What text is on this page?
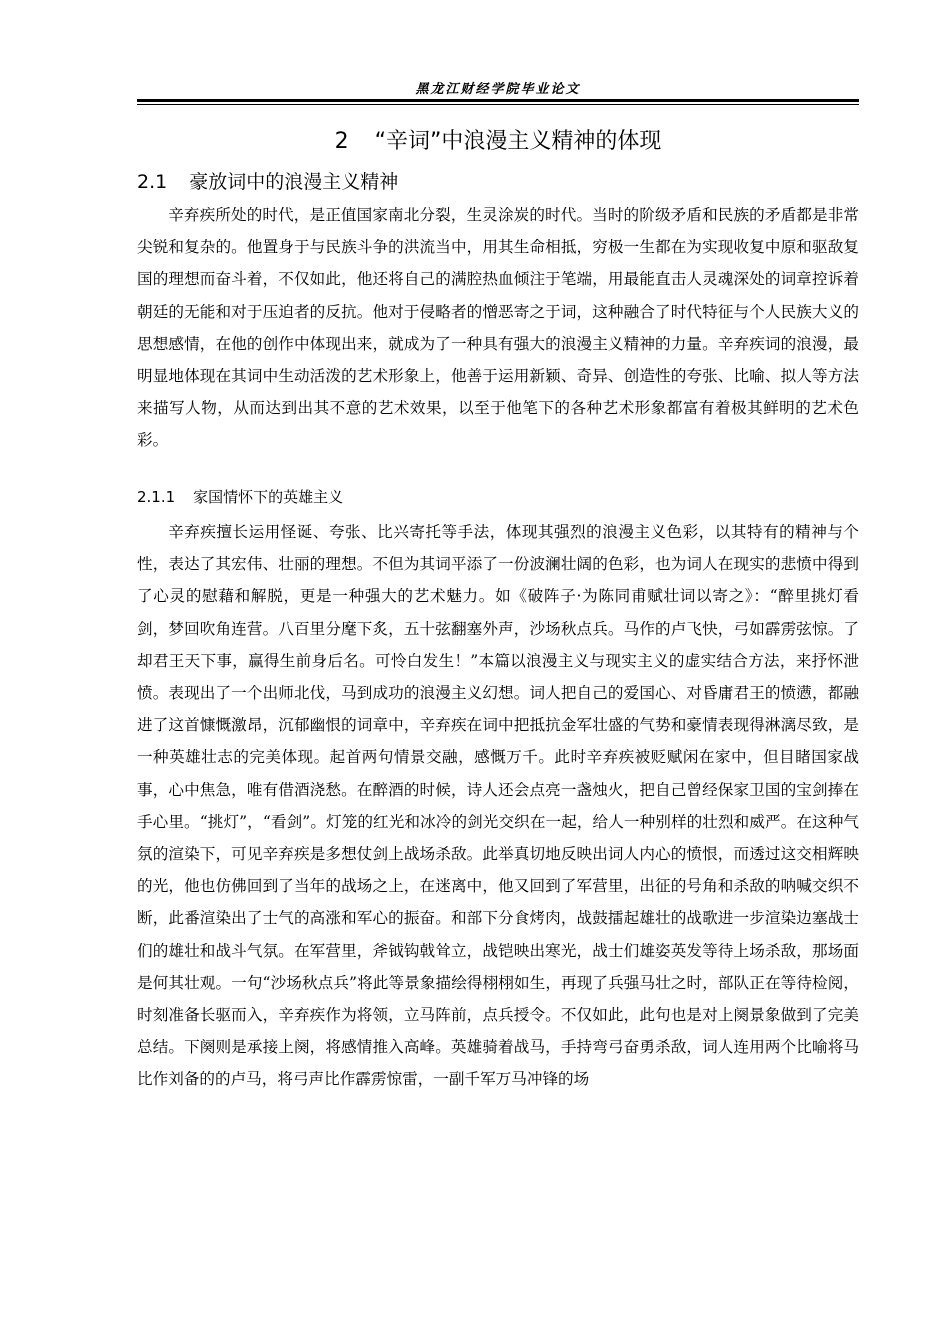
黑龙江财经学院毕业论文
2 “辛词”中浪漫主义精神的体现
2.1 豪放词中的浪漫主义精神

辛弃疾所处的时代，是正值国家南北分裂，生灵涂炭的时代。当时的阶级矛盾和民族的矛盾都是非常尖锐和复杂的。他置身于与民族斗争的洪流当中，用其生命相抵，穷极一生都在为实现收复中原和驱敌复国的理想而奋斗着，不仅如此，他还将自己的满腔热血倾注于笔端，用最能直击人灵魂深处的词章控诉着朝廷的无能和对于压迫者的反抗。他对于侵略者的憎恶寄之于词，这种融合了时代特征与个人民族大义的思想感情，在他的创作中体现出来，就成为了一种具有强大的浪漫主义精神的力量。辛弃疾词的浪漫，最明显地体现在其词中生动活泼的艺术形象上，他善于运用新颖、奇异、创造性的夸张、比喻、拟人等方法来描写人物，从而达到出其不意的艺术效果，以至于他笔下的各种艺术形象都富有着极其鲜明的艺术色彩。

2.1.1 家国情怀下的英雄主义

辛弃疾擅长运用怪诞、夸张、比兴寄托等手法，体现其强烈的浪漫主义色彩，以其特有的精神与个性，表达了其宏伟、壮丽的理想。不但为其词平添了一份波澜壮阔的色彩，也为词人在现实的悲愤中得到了心灵的慰藉和解脱，更是一种强大的艺术魅力。如《破阵子·为陈同甫赋壮词以寄之》：“醉里挑灯看剑，梦回吹角连营。八百里分麾下炙，五十弦翻塞外声，沙场秋点兵。马作的卢飞快，弓如霹雳弦惊。了却君王天下事，赢得生前身后名。可怜白发生！”本篇以浪漫主义与现实主义的虚实结合方法，来抒怀泄愤。表现出了一个出师北伐，马到成功的浪漫主义幻想。词人把自己的爱国心、对昏庸君王的愤懑，都融进了这首慷慨激昂，沉郁幽恨的词章中，辛弃疾在词中把抵抗金军壮盛的气势和豪情表现得淋漓尽致，是一种英雄壮志的完美体现。起首两句情景交融，感慨万千。此时辛弃疾被贬赋闲在家中，但目睹国家战事，心中焦急，唯有借酒浇愁。在醉酒的时候，诗人还会点亮一盏烛火，把自己曾经保家卫国的宝剑捧在手心里。“挑灯”，“看剑”。灯笼的红光和冰冷的剑光交织在一起，给人一种别样的壮烈和威严。在这种气氛的渲染下，可见辛弃疾是多想仗剑上战场杀敌。此举真切地反映出词人内心的愤恨，而透过这交相辉映的光，他也仿佛回到了当年的战场之上，在迷离中，他又回到了军营里，出征的号角和杀敌的呐喊交织不断，此番渲染出了士气的高涨和军心的振奋。和部下分食烤肉，战鼓擂起雄壮的战歌进一步渲染边塞战士们的雄壮和战斗气氛。在军营里，斧钺钩戟耸立，战铠映出寒光，战士们雄姿英发等待上场杀敌，那场面是何其壮观。一句“沙场秋点兵”将此等景象描绘得栩栩如生，再现了兵强马壮之时，部队正在等待检阅，时刻准备长驱而入，辛弃疾作为将领，立马阵前，点兵授令。不仅如此，此句也是对上阕景象做到了完美总结。下阕则是承接上阕，将感情推入高峰。英雄骑着战马，手持弯弓奋勇杀敌，词人连用两个比喻将马比作刘备的的卢马，将弓声比作霹雳惊雷，一副千军万马冲锋的场
